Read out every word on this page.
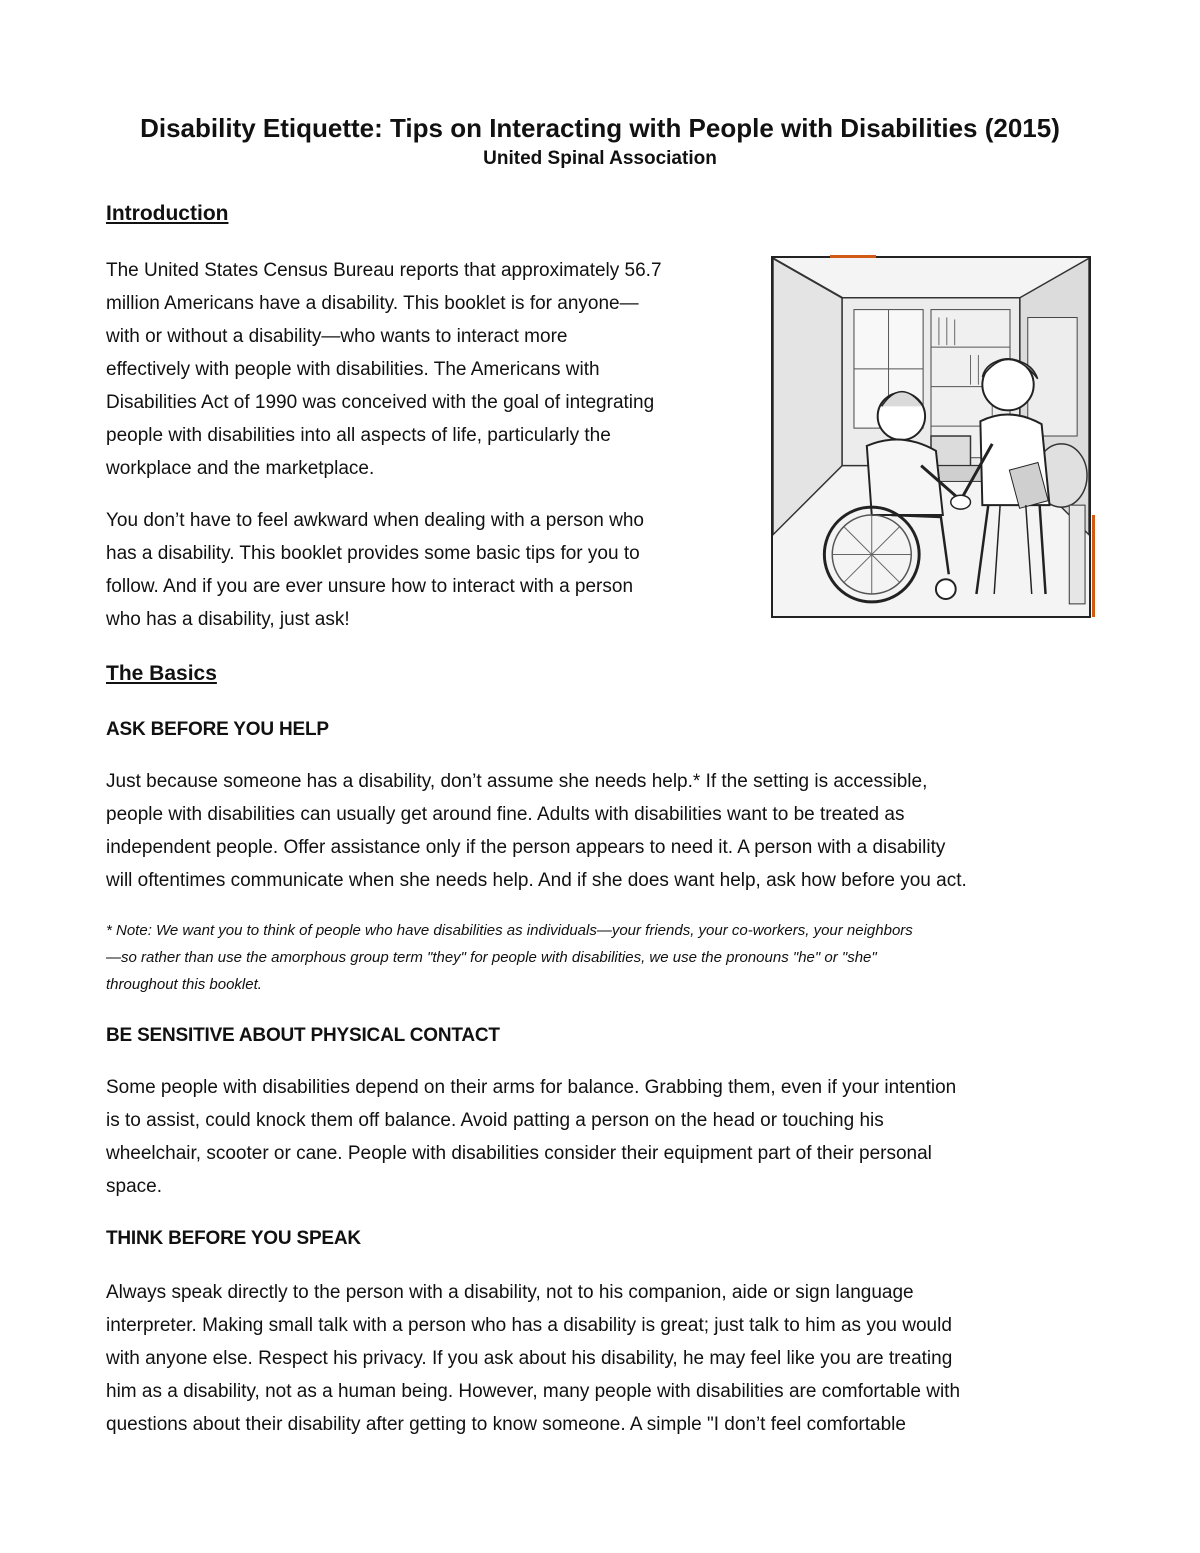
Disability Etiquette: Tips on Interacting with People with Disabilities (2015)
United Spinal Association
Introduction
The United States Census Bureau reports that approximately 56.7
million Americans have a disability. This booklet is for anyone—
with or without a disability—who wants to interact more
effectively with people with disabilities. The Americans with
Disabilities Act of 1990 was conceived with the goal of integrating
people with disabilities into all aspects of life, particularly the
workplace and the marketplace.
You don’t have to feel awkward when dealing with a person who
has a disability. This booklet provides some basic tips for you to
follow. And if you are ever unsure how to interact with a person
who has a disability, just ask!
The Basics
ASK BEFORE YOU HELP
Just because someone has a disability, don’t assume she needs help.* If the setting is accessible,
people with disabilities can usually get around fine. Adults with disabilities want to be treated as
independent people. Offer assistance only if the person appears to need it. A person with a disability
will oftentimes communicate when she needs help. And if she does want help, ask how before you act.
* Note: We want you to think of people who have disabilities as individuals—your friends, your co-workers, your neighbors
—so rather than use the amorphous group term "they" for people with disabilities, we use the pronouns "he" or "she"
throughout this booklet.
BE SENSITIVE ABOUT PHYSICAL CONTACT
Some people with disabilities depend on their arms for balance. Grabbing them, even if your intention
is to assist, could knock them off balance. Avoid patting a person on the head or touching his
wheelchair, scooter or cane. People with disabilities consider their equipment part of their personal
space.
THINK BEFORE YOU SPEAK
Always speak directly to the person with a disability, not to his companion, aide or sign language
interpreter. Making small talk with a person who has a disability is great; just talk to him as you would
with anyone else. Respect his privacy. If you ask about his disability, he may feel like you are treating
him as a disability, not as a human being. However, many people with disabilities are comfortable with
questions about their disability after getting to know someone. A simple "I don’t feel comfortable
